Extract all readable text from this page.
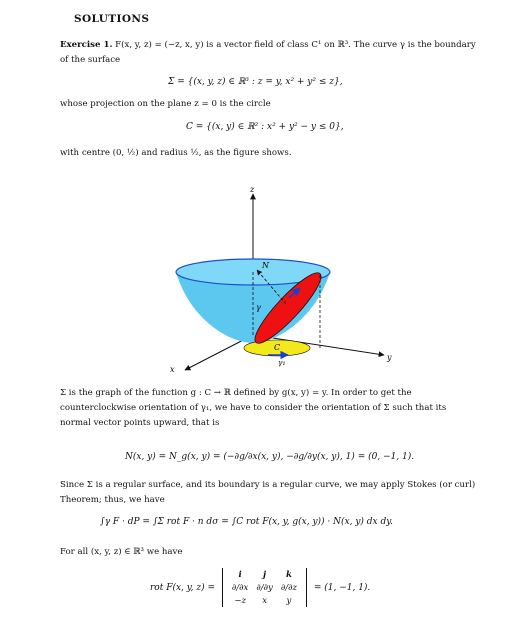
SOLUTIONS
Exercise 1. F(x, y, z) = (−z, x, y) is a vector field of class C¹ on ℝ³. The curve γ is the boundary of the surface
Σ = {(x, y, z) ∈ ℝ³ : z = y, x² + y² ≤ z},
whose projection on the plane z = 0 is the circle
C = {(x, y) ∈ ℝ² : x² + y² − y ≤ 0},
with centre (0, ½) and radius ½, as the figure shows.
z
y
x
N
γ
C
γ₁
Σ is the graph of the function g : C → ℝ defined by g(x, y) = y. In order to get the counterclockwise orientation of γ₁, we have to consider the orientation of Σ such that its normal vector points upward, that is
N(x, y) = N_g(x, y) = (−∂g/∂x(x, y), −∂g/∂y(x, y), 1) = (0, −1, 1).
Since Σ is a regular surface, and its boundary is a regular curve, we may apply Stokes (or curl) Theorem; thus, we have
∫γ F · dP = ∫Σ rot F · n dσ = ∫C rot F(x, y, g(x, y)) · N(x, y) dx dy.
For all (x, y, z) ∈ ℝ³ we have
rot F(x, y, z) =
i	j	k
∂/∂x	∂/∂y	∂/∂z
−z	x	y
= (1, −1, 1).
